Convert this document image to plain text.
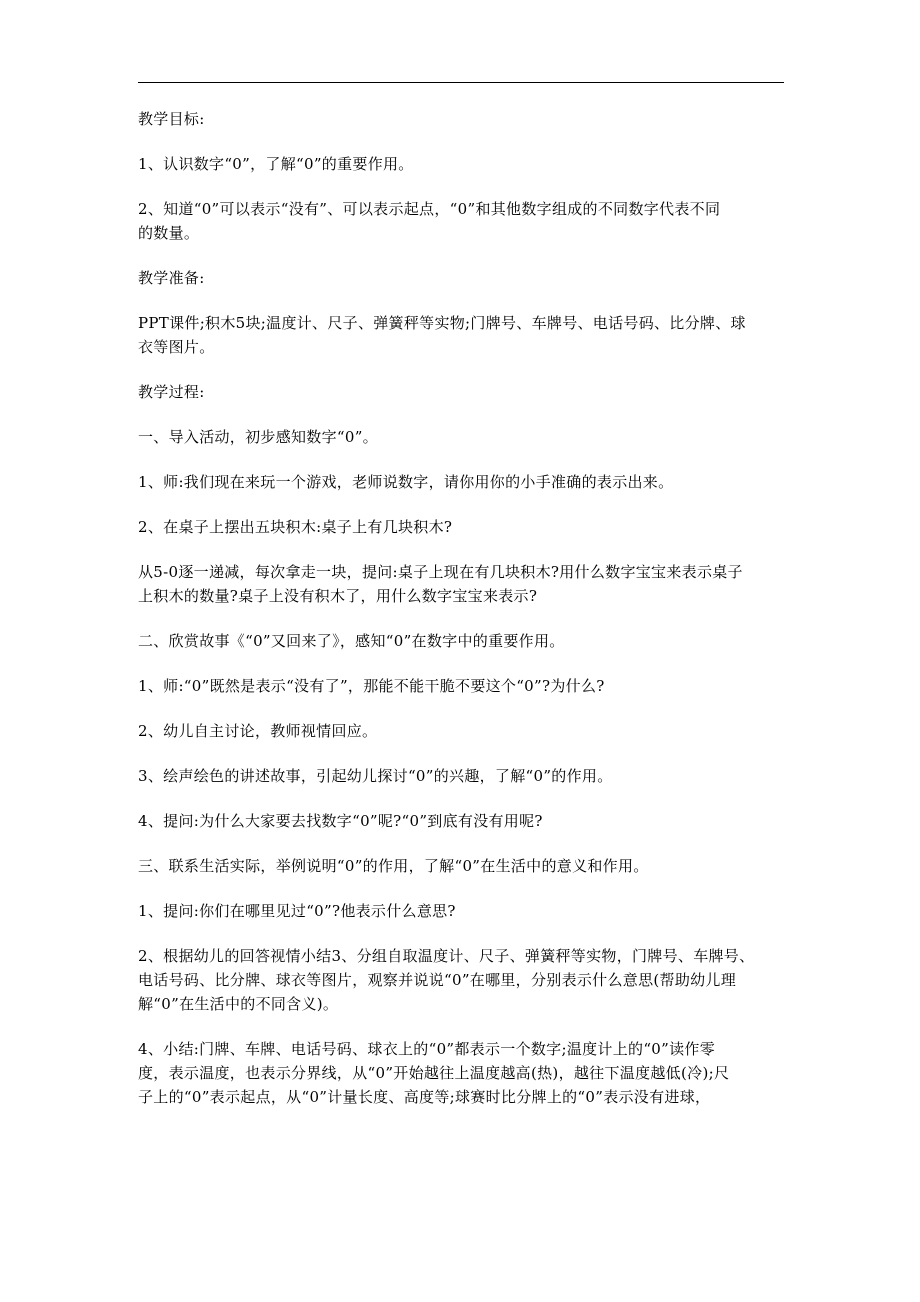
教学目标:

1、认识数字“0”，了解“0”的重要作用。

2、知道“0”可以表示“没有”、可以表示起点，“0”和其他数字组成的不同数字代表不同
的数量。

教学准备:

PPT课件;积木5块;温度计、尺子、弹簧秤等实物;门牌号、车牌号、电话号码、比分牌、球
衣等图片。

教学过程:

一、导入活动，初步感知数字“0”。

1、师:我们现在来玩一个游戏，老师说数字，请你用你的小手准确的表示出来。

2、在桌子上摆出五块积木:桌子上有几块积木?

从5-0逐一递减，每次拿走一块，提问:桌子上现在有几块积木?用什么数字宝宝来表示桌子
上积木的数量?桌子上没有积木了，用什么数字宝宝来表示?

二、欣赏故事《“0”又回来了》，感知“0”在数字中的重要作用。

1、师:“0”既然是表示“没有了”，那能不能干脆不要这个“0”?为什么?

2、幼儿自主讨论，教师视情回应。

3、绘声绘色的讲述故事，引起幼儿探讨“0”的兴趣，了解“0”的作用。

4、提问:为什么大家要去找数字“0”呢?“0”到底有没有用呢?

三、联系生活实际，举例说明“0”的作用，了解“0”在生活中的意义和作用。

1、提问:你们在哪里见过“0”?他表示什么意思?

2、根据幼儿的回答视情小结3、分组自取温度计、尺子、弹簧秤等实物，门牌号、车牌号、
电话号码、比分牌、球衣等图片，观察并说说“0”在哪里，分别表示什么意思(帮助幼儿理
解“0”在生活中的不同含义)。

4、小结:门牌、车牌、电话号码、球衣上的“0”都表示一个数字;温度计上的“0”读作零
度，表示温度，也表示分界线，从“0”开始越往上温度越高(热)，越往下温度越低(冷);尺
子上的“0”表示起点，从“0”计量长度、高度等;球赛时比分牌上的“0”表示没有进球，
